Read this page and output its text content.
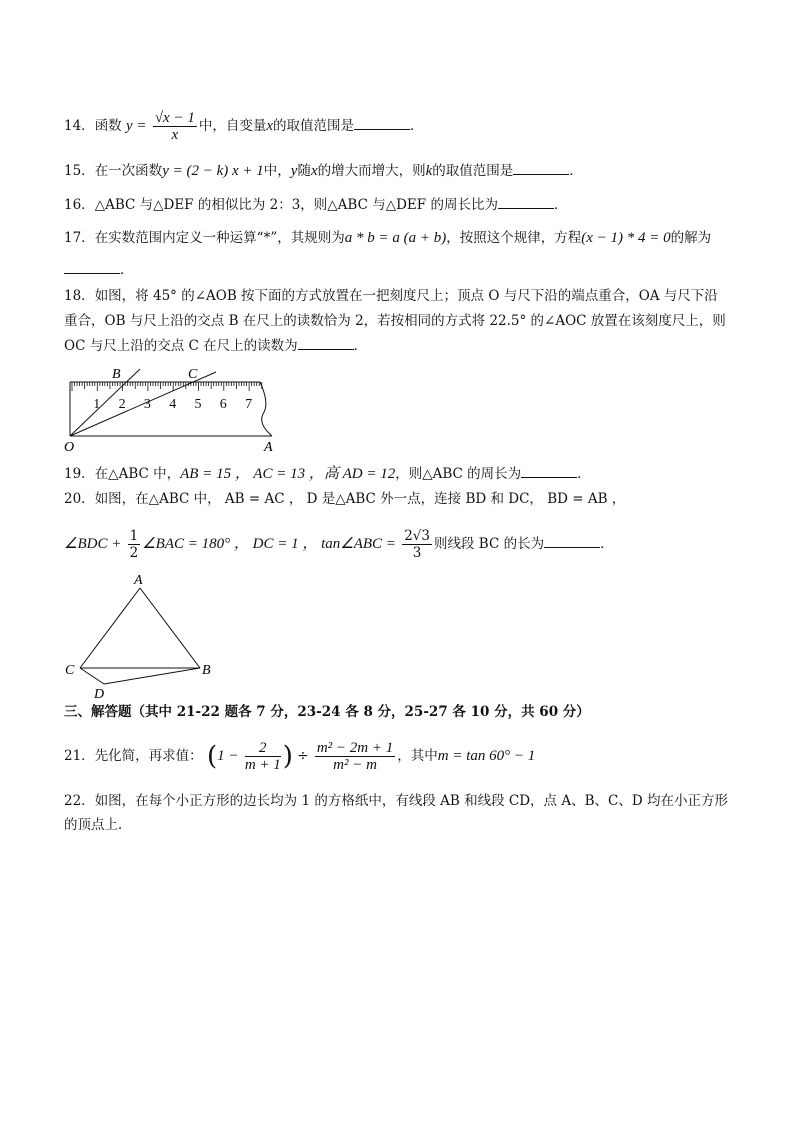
14．函数 $y = \frac{√x - 1}{x}$ 中，自变量x的取值范围是	．
15．在一次函数y = (2 − k) x + 1中，y随x的增大而增大，则k的取值范围是	．
16．△ABC 与△DEF 的相似比为 2：3，则△ABC 与△DEF 的周长比为	．
17．在实数范围内定义一种运算“*”，其规则为a * b = a (a + b)，按照这个规律，方程(x − 1) * 4 = 0的解为
．
18．如图，将 45° 的∠AOB 按下面的方式放置在一把刻度尺上；顶点 O 与尺下沿的端点重合，OA 与尺下沿
重合，OB 与尺上沿的交点 B 在尺上的读数恰为 2，若按相同的方式将 22.5° 的∠AOC 放置在该刻度尺上，则
OC 与尺上沿的交点 C 在尺上的读数为	．
1 2 3 4 5 6 7
B	C
O	A
19．在△ABC 中，AB = 15 ， AC = 13 ，高 AD = 12，则△ABC 的周长为	．
20．如图，在△ABC 中， AB = AC ， D 是△ABC 外一点，连接 BD 和 DC， BD = AB ，
∠BDC + $\frac{1}{2}$ ∠BAC = 180° ， DC = 1 ， tan∠ABC = $\frac{2√3}{3}$ 则线段 BC 的长为	．
A
C	B
D
三、解答题（其中 21-22 题各 7 分，23-24 各 8 分，25-27 各 10 分，共 60 分）
21．先化简，再求值： ($1 - \frac{2}{m + 1}$ ) ÷ $\frac{\text{m² − 2m + 1}}{\text{m² − m}}$ ，其中m = tan 60° − 1
22．如图，在每个小正方形的边长均为 1 的方格纸中，有线段 AB 和线段 CD，点 A、B、C、D 均在小正方形
的顶点上．
